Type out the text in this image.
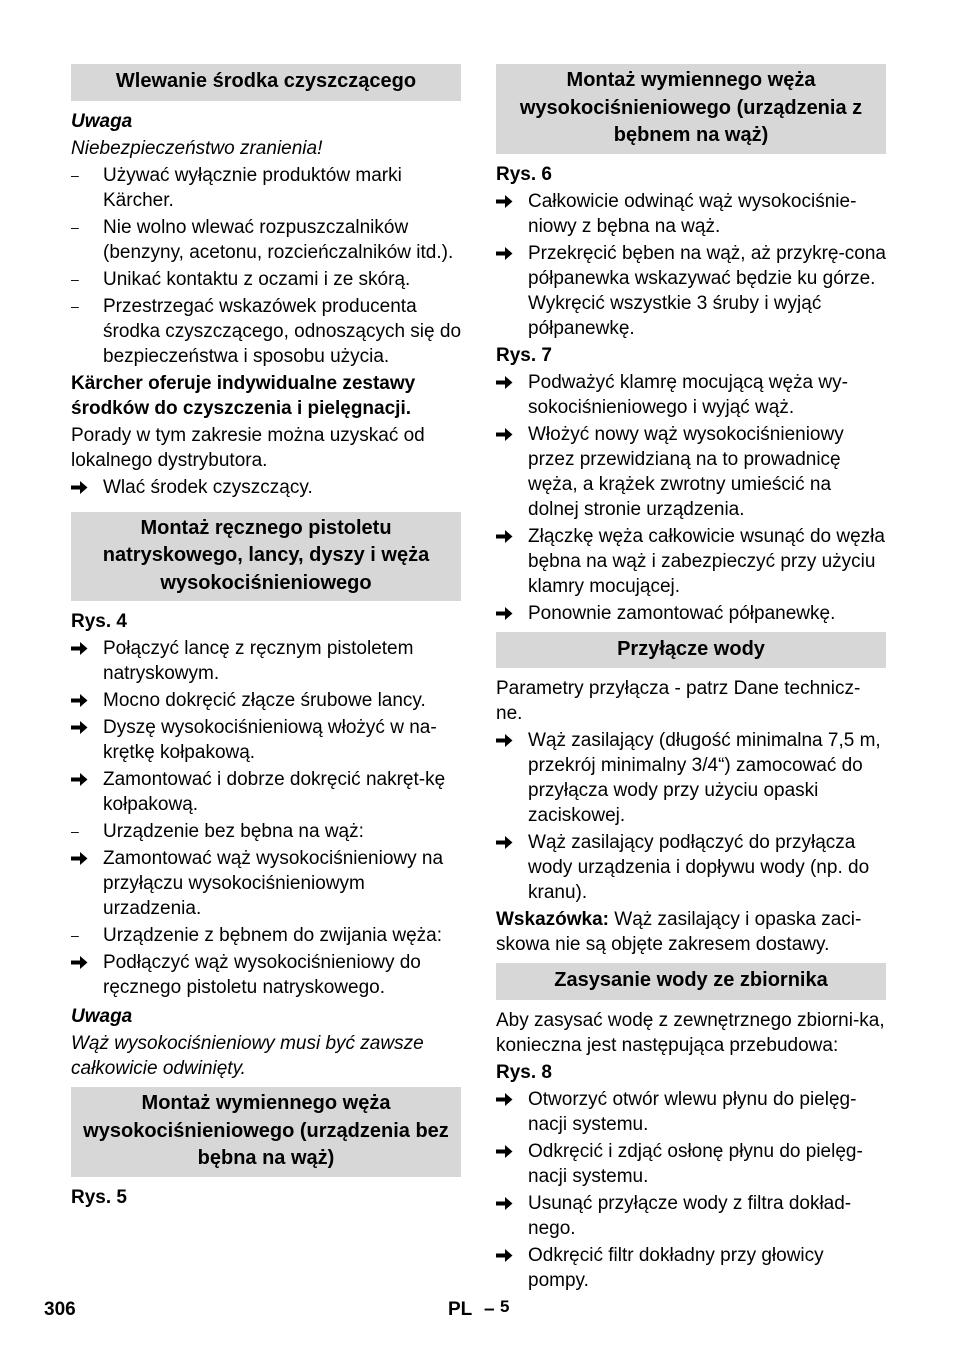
Wlewanie środka czyszczącego
Uwaga
Niebezpieczeństwo zranienia!
–	Używać wyłącznie produktów marki Kärcher.
–	Nie wolno wlewać rozpuszczalników (benzyny, acetonu, rozcieńczalników itd.).
–	Unikać kontaktu z oczami i ze skórą.
–	Przestrzegać wskazówek producenta środka czyszczącego, odnoszących się do bezpieczeństwa i sposobu użycia.
Kärcher oferuje indywidualne zestawy środków do czyszczenia i pielęgnacji.
Porady w tym zakresie można uzyskać od lokalnego dystrybutora.
Wlać środek czyszczący.
Montaż ręcznego pistoletu natryskowego, lancy, dyszy i węża wysokociśnieniowego
Rys. 4
Połączyć lancę z ręcznym pistoletem natryskowym.
Mocno dokręcić złącze śrubowe lancy.
Dyszę wysokociśnieniową włożyć w na-krętkę kołpakową.
Zamontować i dobrze dokręcić nakręt-kę kołpakową.
–	Urządzenie bez bębna na wąż:
Zamontować wąż wysokociśnieniowy na przyłączu wysokociśnieniowym urzadzenia.
–	Urządzenie z bębnem do zwijania węża:
Podłączyć wąż wysokociśnieniowy do ręcznego pistoletu natryskowego.
Uwaga
Wąż wysokociśnieniowy musi być zawsze całkowicie odwinięty.
Montaż wymiennego węża wysokociśnieniowego (urządzenia bez bębna na wąż)
Rys. 5
Montaż wymiennego węża wysokociśnieniowego (urządzenia z bębnem na wąż)
Rys. 6
Całkowicie odwinąć wąż wysokociśnie-niowy z bębna na wąż.
Przekręcić bęben na wąż, aż przykrę-cona półpanewka wskazywać będzie ku górze. Wykręcić wszystkie 3 śruby i wyjąć półpanewkę.
Rys. 7
Podważyć klamrę mocującą węża wy-sokociśnieniowego i wyjąć wąż.
Włożyć nowy wąż wysokociśnieniowy przez przewidzianą na to prowadnicę węża, a krążek zwrotny umieścić na dolnej stronie urządzenia.
Złączkę węża całkowicie wsunąć do węzła bębna na wąż i zabezpieczyć przy użyciu klamry mocującej.
Ponownie zamontować półpanewkę.
Przyłącze wody
Parametry przyłącza - patrz Dane technicz-ne.
Wąż zasilający (długość minimalna 7,5 m, przekrój minimalny 3/4“) zamocować do przyłącza wody przy użyciu opaski zaciskowej.
Wąż zasilający podłączyć do przyłącza wody urządzenia i dopływu wody (np. do kranu).
Wskazówka: Wąż zasilający i opaska zaci-skowa nie są objęte zakresem dostawy.
Zasysanie wody ze zbiornika
Aby zasysać wodę z zewnętrznego zbiorni-ka, konieczna jest następująca przebudowa:
Rys. 8
Otworzyć otwór wlewu płynu do pielęg-nacji systemu.
Odkręcić i zdjąć osłonę płynu do pielęg-nacji systemu.
Usunąć przyłącze wody z filtra dokład-nego.
Odkręcić filtr dokładny przy głowicy pompy.
306	PL – 5
